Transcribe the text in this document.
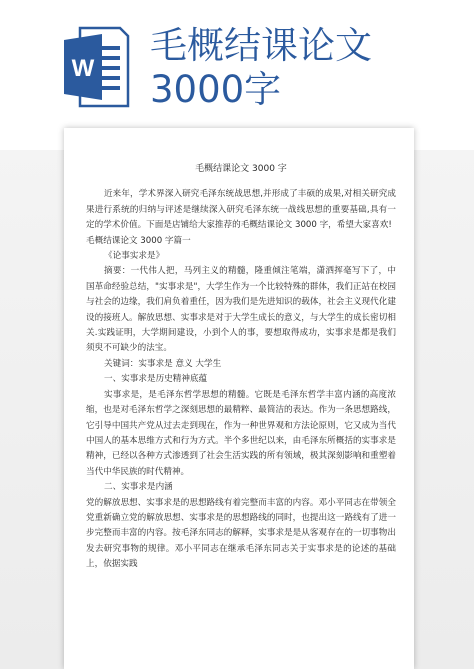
W
毛概结课论文3000字
毛概结课论文 3000 字

近来年，学术界深入研究毛泽东统战思想,并形成了丰硕的成果,对相关研究成果进行系统的归纳与评述是继续深入研究毛泽东统一战线思想的重要基础,具有一定的学术价值。下面是店铺给大家推荐的毛概结课论文 3000 字，希望大家喜欢!

毛概结课论文 3000 字篇一

《论事实求是》

摘要：一代伟人把，马列主义的精髓，隆重倾注笔端，潇洒挥毫写下了，中国革命经验总结，"实事求是"，大学生作为一个比较特殊的群体，我们正站在校园与社会的边缘，我们肩负着重任，因为我们是先进知识的载体，社会主义现代化建设的接班人。解放思想、实事求是对于大学生成长的意义，与大学生的成长密切相关.实践证明，大学期间建设，小到个人的事，要想取得成功，实事求是都是我们须臾不可缺少的法宝。

关键词：实事求是 意义 大学生

一、实事求是历史精神底蕴

实事求是，是毛泽东哲学思想的精髓。它既是毛泽东哲学丰富内涵的高度浓缩，也是对毛泽东哲学之深刻思想的最精粹、最简洁的表达。作为一条思想路线，它引导中国共产党从过去走到现在，作为一种世界观和方法论原则，它又成为当代中国人的基本思维方式和行为方式。半个多世纪以来，由毛泽东所概括的实事求是精神，已经以各种方式渗透到了社会生活实践的所有领域，极其深刻影响和重塑着当代中华民族的时代精神。

二、实事求是内涵

党的解放思想、实事求是的思想路线有着完整而丰富的内容。邓小平同志在带领全党重新确立党的解放思想、实事求是的思想路线的同时，也提出这一路线有了进一步完整而丰富的内容。按毛泽东同志的解释，实事求是是从客观存在的一切事物出发去研究事物的规律。邓小平同志在继承毛泽东同志关于实事求是的论述的基础上，依据实践
